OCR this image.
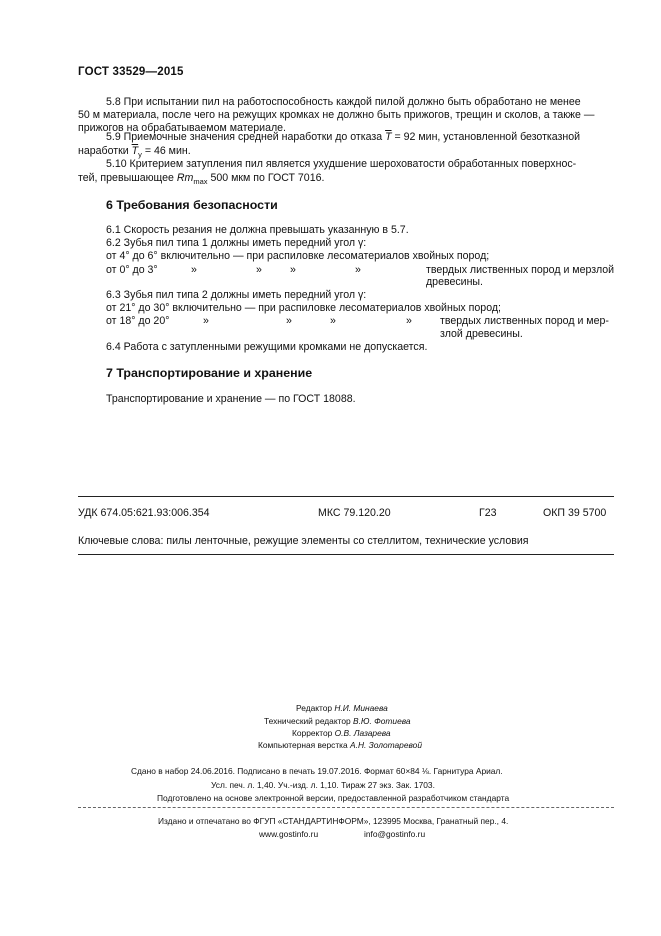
ГОСТ 33529—2015
5.8 При испытании пил на работоспособность каждой пилой должно быть обработано не менее
50 м материала, после чего на режущих кромках не должно быть прижогов, трещин и сколов, а также —
прижогов на обрабатываемом материале.
5.9 Приемочные значения средней наработки до отказа $\overline{T} = 92$ мин, установленной безотказной
наработки $\overline{T}_у = 46$ мин.
5.10 Критерием затупления пил является ухудшение шероховатости обработанных поверхнос-
тей, превышающее $Rm_{max}$ 500 мкм по ГОСТ 7016.
6 Требования безопасности
6.1 Скорость резания не должна превышать указанную в 5.7.
6.2 Зубья пил типа 1 должны иметь передний угол γ:
от 4° до 6° включительно — при распиловке лесоматериалов хвойных пород;
от 0° до 3°	»	»	»	»	твердых лиственных пород и мерзлой
древесины.
6.3 Зубья пил типа 2 должны иметь передний угол γ:
от 21° до 30° включительно — при распиловке лесоматериалов хвойных пород;
от 18° до 20°	»	»	»	»	твердых лиственных пород и мер-
злой древесины.
6.4 Работа с затупленными режущими кромками не допускается.
7 Транспортирование и хранение
Транспортирование и хранение — по ГОСТ 18088.
УДК 674.05:621.93:006.354	МКС 79.120.20	Г23	ОКП 39 5700
Ключевые слова: пилы ленточные, режущие элементы со стеллитом, технические условия
Редактор Н.И. Минаева
Технический редактор В.Ю. Фотиева
Корректор О.В. Лазарева
Компьютерная верстка А.Н. Золотаревой
Сдано в набор 24.06.2016. Подписано в печать 19.07.2016. Формат 60×84 ⅛. Гарнитура Ариал.
Усл. печ. л. 1,40. Уч.-изд. л. 1,10. Тираж 27 экз. Зак. 1703.
Подготовлено на основе электронной версии, предоставленной разработчиком стандарта
Издано и отпечатано во ФГУП «СТАНДАРТИНФОРМ», 123995 Москва, Гранатный пер., 4.
www.gostinfo.ru	info@gostinfo.ru
